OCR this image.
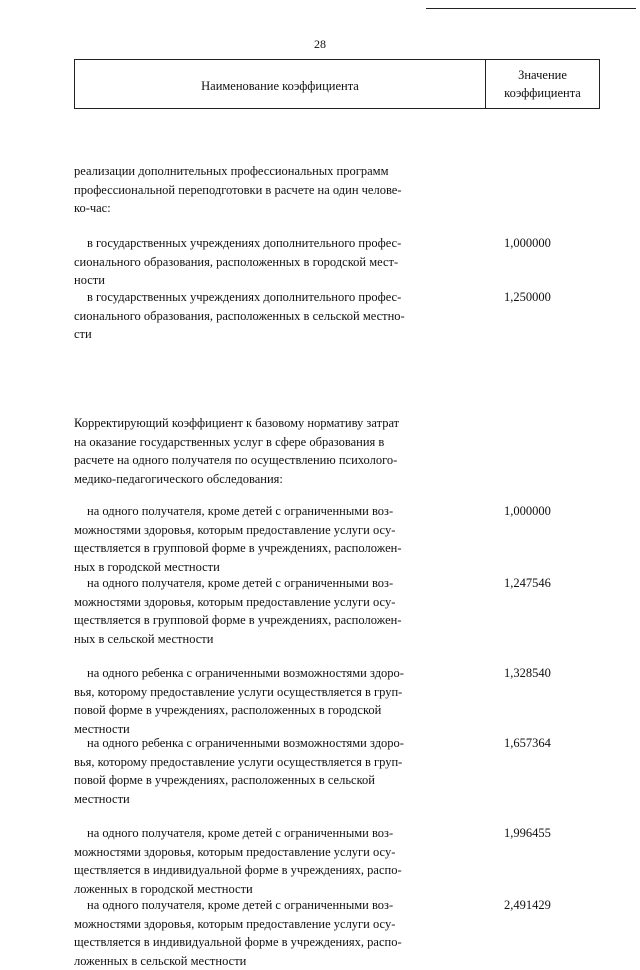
28
Наименование коэффициента
Значение
коэффициента
реализации дополнительных профессиональных программ
профессиональной переподготовки в расчете на один челове-
ко-час:
в государственных учреждениях дополнительного профес-
сионального образования, расположенных в городской мест-
ности
1,000000
в государственных учреждениях дополнительного профес-
сионального образования, расположенных в сельской местно-
сти
1,250000
Корректирующий коэффициент к базовому нормативу затрат
на оказание государственных услуг в сфере образования в
расчете на одного получателя по осуществлению психолого-
медико-педагогического обследования:
на одного получателя, кроме детей с ограниченными воз-
можностями здоровья, которым предоставление услуги осу-
ществляется в групповой форме в учреждениях, расположен-
ных в городской местности
1,000000
на одного получателя, кроме детей с ограниченными воз-
можностями здоровья, которым предоставление услуги осу-
ществляется в групповой форме в учреждениях, расположен-
ных в сельской местности
1,247546
на одного ребенка с ограниченными возможностями здоро-
вья, которому предоставление услуги осуществляется в груп-
повой форме в учреждениях, расположенных в городской
местности
1,328540
на одного ребенка с ограниченными возможностями здоро-
вья, которому предоставление услуги осуществляется в груп-
повой форме в учреждениях, расположенных в сельской
местности
1,657364
на одного получателя, кроме детей с ограниченными воз-
можностями здоровья, которым предоставление услуги осу-
ществляется в индивидуальной форме в учреждениях, распо-
ложенных в городской местности
1,996455
на одного получателя, кроме детей с ограниченными воз-
можностями здоровья, которым предоставление услуги осу-
ществляется в индивидуальной форме в учреждениях, распо-
ложенных в сельской местности
2,491429
